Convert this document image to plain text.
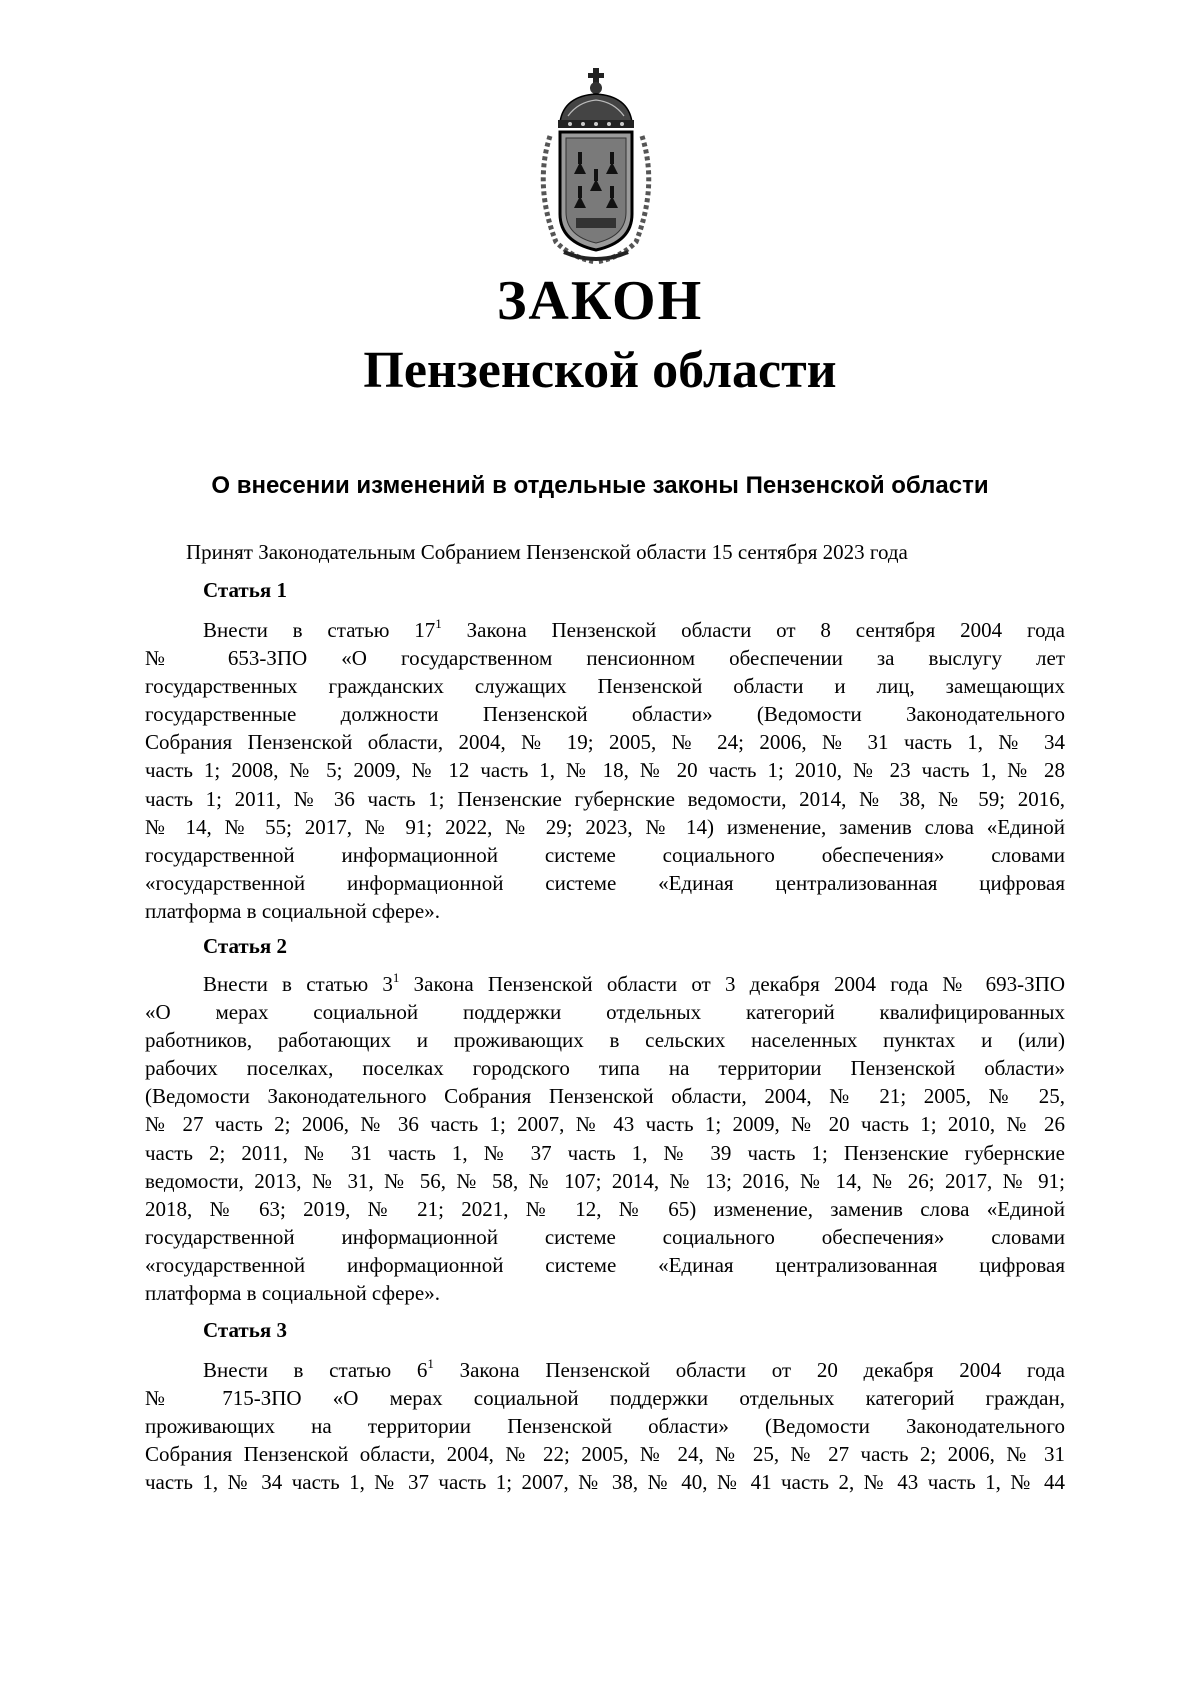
ЗАКОН
Пензенской области
О внесении изменений в отдельные законы Пензенской области

Принят Законодательным Собранием Пензенской области 15 сентября 2023 года

Статья 1

Внести в статью $17^1$ Закона Пензенской области от 8 сентября 2004 года
№ 653-ЗПО «О государственном пенсионном обеспечении за выслугу лет
государственных гражданских служащих Пензенской области и лиц, замещающих
государственные должности Пензенской области» (Ведомости Законодательного
Собрания Пензенской области, 2004, № 19; 2005, № 24; 2006, № 31 часть 1, № 34
часть 1; 2008, № 5; 2009, № 12 часть 1, № 18, № 20 часть 1; 2010, № 23 часть 1, № 28
часть 1; 2011, № 36 часть 1; Пензенские губернские ведомости, 2014, № 38, № 59; 2016,
№ 14, № 55; 2017, № 91; 2022, № 29; 2023, № 14) изменение, заменив слова «Единой
государственной информационной системе социального обеспечения» словами
«государственной информационной системе «Единая централизованная цифровая
платформа в социальной сфере».

Статья 2

Внести в статью $3^1$ Закона Пензенской области от 3 декабря 2004 года № 693-ЗПО
«О мерах социальной поддержки отдельных категорий квалифицированных
работников, работающих и проживающих в сельских населенных пунктах и (или)
рабочих поселках, поселках городского типа на территории Пензенской области»
(Ведомости Законодательного Собрания Пензенской области, 2004, № 21; 2005, № 25,
№ 27 часть 2; 2006, № 36 часть 1; 2007, № 43 часть 1; 2009, № 20 часть 1; 2010, № 26
часть 2; 2011, № 31 часть 1, № 37 часть 1, № 39 часть 1; Пензенские губернские
ведомости, 2013, № 31, № 56, № 58, № 107; 2014, № 13; 2016, № 14, № 26; 2017, № 91;
2018, № 63; 2019, № 21; 2021, № 12, № 65) изменение, заменив слова «Единой
государственной информационной системе социального обеспечения» словами
«государственной информационной системе «Единая централизованная цифровая
платформа в социальной сфере».

Статья 3

Внести в статью $6^1$ Закона Пензенской области от 20 декабря 2004 года
№ 715-ЗПО «О мерах социальной поддержки отдельных категорий граждан,
проживающих на территории Пензенской области» (Ведомости Законодательного
Собрания Пензенской области, 2004, № 22; 2005, № 24, № 25, № 27 часть 2; 2006, № 31
часть 1, № 34 часть 1, № 37 часть 1; 2007, № 38, № 40, № 41 часть 2, № 43 часть 1, № 44
